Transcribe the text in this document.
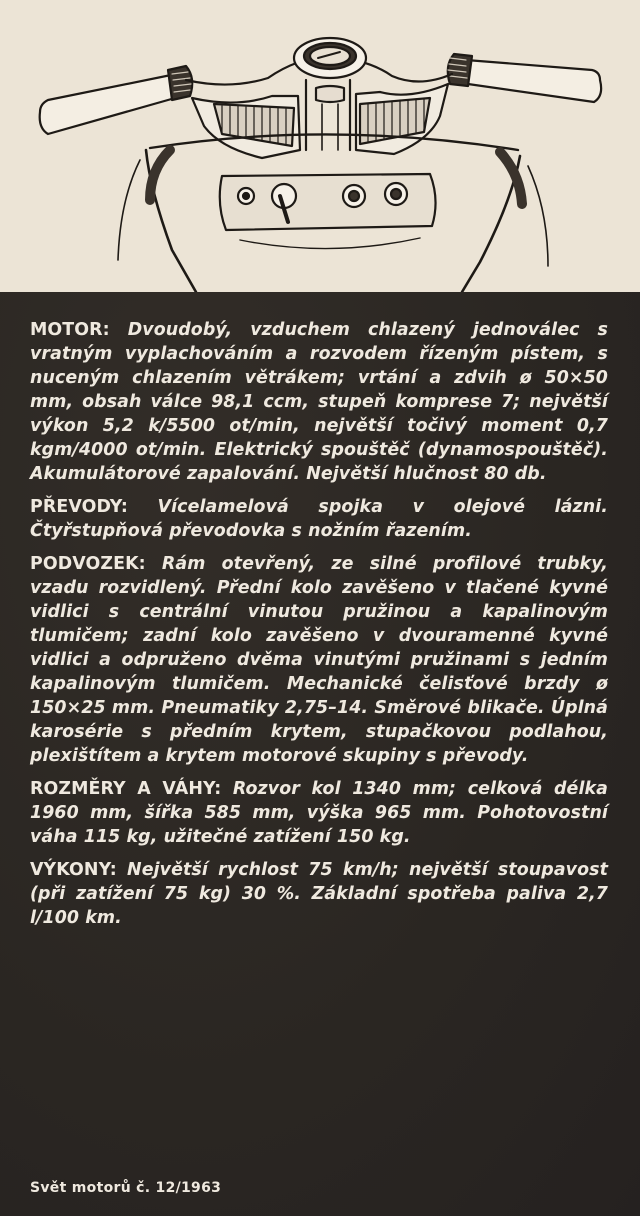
MOTOR: Dvoudobý, vzduchem chlazený jednoválec s vratným vyplachováním a rozvodem řízeným pístem, s nuceným chlazením větrákem; vrtání a zdvih ø 50×50 mm, obsah válce 98,1 ccm, stupeň komprese 7; největší výkon 5,2 k/5500 ot/min, největší točivý moment 0,7 kgm/4000 ot/min. Elektrický spouštěč (dynamospouštěč). Akumulátorové zapalování. Největší hlučnost 80 db.

PŘEVODY: Vícelamelová spojka v olejové lázni. Čtyřstupňová převodovka s nožním řazením.

PODVOZEK: Rám otevřený, ze silné profilové trubky, vzadu rozvidlený. Přední kolo zavěšeno v tlačené kyvné vidlici s centrální vinutou pružinou a kapalinovým tlumičem; zadní kolo zavěšeno v dvouramenné kyvné vidlici a odpruženo dvěma vinutými pružinami s jedním kapalinovým tlumičem. Mechanické čelisťové brzdy ø 150×25 mm. Pneumatiky 2,75–14. Směrové blikače. Úplná karosérie s předním krytem, stupačkovou podlahou, plexištítem a krytem motorové skupiny s převody.

ROZMĚRY A VÁHY: Rozvor kol 1340 mm; celková délka 1960 mm, šířka 585 mm, výška 965 mm. Pohotovostní váha 115 kg, užitečné zatížení 150 kg.

VÝKONY: Největší rychlost 75 km/h; největší stoupavost (při zatížení 75 kg) 30 %. Základní spotřeba paliva 2,7 l/100 km.

Svět motorů č. 12/1963
